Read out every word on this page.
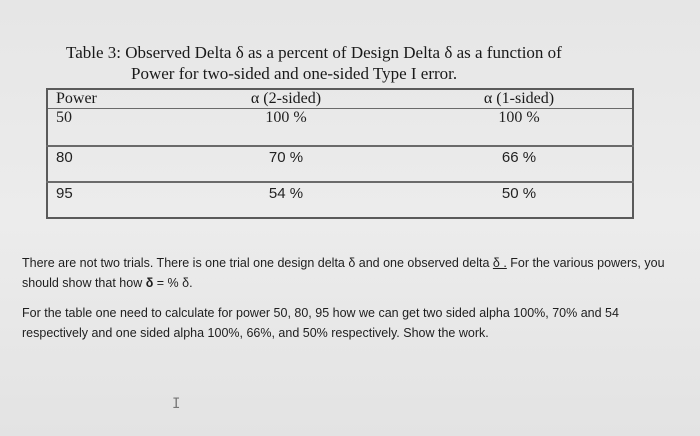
Table 3: Observed Delta δ as a percent of Design Delta δ as a function of
Power for two-sided and one-sided Type I error.
Power	α (2-sided)	α (1-sided)
50	100 %	100 %
80	70 %	66 %
95	54 %	50 %

There are not two trials. There is one trial one design delta δ and one observed delta δ . For the various powers, you should show that how δ = % δ.

For the table one need to calculate for power 50, 80, 95 how we can get two sided alpha 100%, 70% and 54 respectively and one sided alpha 100%, 66%, and 50% respectively. Show the work.

I
